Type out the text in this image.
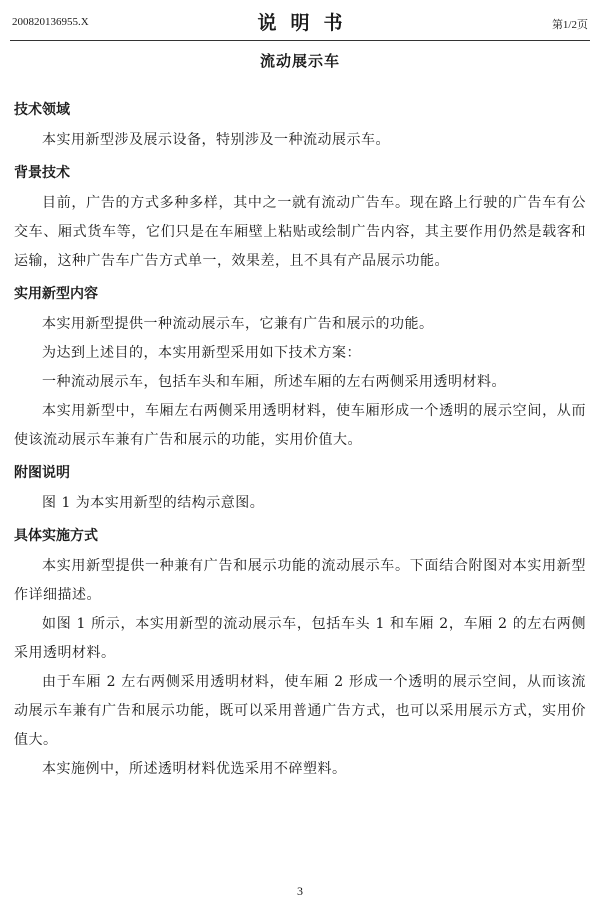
200820136955.X	说明书	第1/2页
流动展示车

技术领域

本实用新型涉及展示设备，特别涉及一种流动展示车。

背景技术

目前，广告的方式多种多样，其中之一就有流动广告车。现在路上行驶的广告车有公交车、厢式货车等，它们只是在车厢壁上粘贴或绘制广告内容，其主要作用仍然是载客和运输，这种广告车广告方式单一，效果差，且不具有产品展示功能。

实用新型内容

本实用新型提供一种流动展示车，它兼有广告和展示的功能。

为达到上述目的，本实用新型采用如下技术方案：

一种流动展示车，包括车头和车厢，所述车厢的左右两侧采用透明材料。

本实用新型中，车厢左右两侧采用透明材料，使车厢形成一个透明的展示空间，从而使该流动展示车兼有广告和展示的功能，实用价值大。

附图说明

图 1 为本实用新型的结构示意图。

具体实施方式

本实用新型提供一种兼有广告和展示功能的流动展示车。下面结合附图对本实用新型作详细描述。

如图 1 所示，本实用新型的流动展示车，包括车头 1 和车厢 2，车厢 2 的左右两侧采用透明材料。

由于车厢 2 左右两侧采用透明材料，使车厢 2 形成一个透明的展示空间，从而该流动展示车兼有广告和展示功能，既可以采用普通广告方式，也可以采用展示方式，实用价值大。

本实施例中，所述透明材料优选采用不碎塑料。

3
